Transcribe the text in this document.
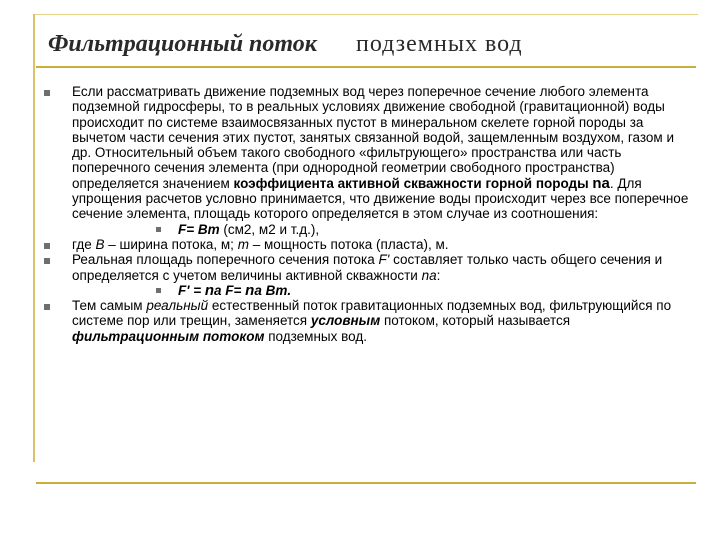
Фильтрационный поток подземных вод

Если рассматривать движение подземных вод через поперечное сечение любого элемента подземной гидросферы, то в реальных условиях движение свободной (гравитационной) воды происходит по системе взаимосвязанных пустот в минеральном скелете горной породы за вычетом части сечения этих пустот, занятых связанной водой, защемленным воздухом, газом и др. Относительный объем такого свободного «фильтрующего» пространства или часть поперечного сечения элемента (при однородной геометрии свободного пространства) определяется значением коэффициента активной скважности горной породы na. Для упрощения расчетов условно принимается, что движение воды происходит через все поперечное сечение элемента, площадь которого определяется в этом случае из соотношения:

F= Bm (см2, м2 и т.д.),

где B – ширина потока, м; m – мощность потока (пласта), м.

Реальная площадь поперечного сечения потока F' составляет только часть общего сечения и определяется с учетом величины активной скважности na:

F' = na F= na Bm.

Тем самым реальный естественный поток гравитационных подземных вод, фильтрующийся по системе пор или трещин, заменяется условным потоком, который называется фильтрационным потоком подземных вод.
